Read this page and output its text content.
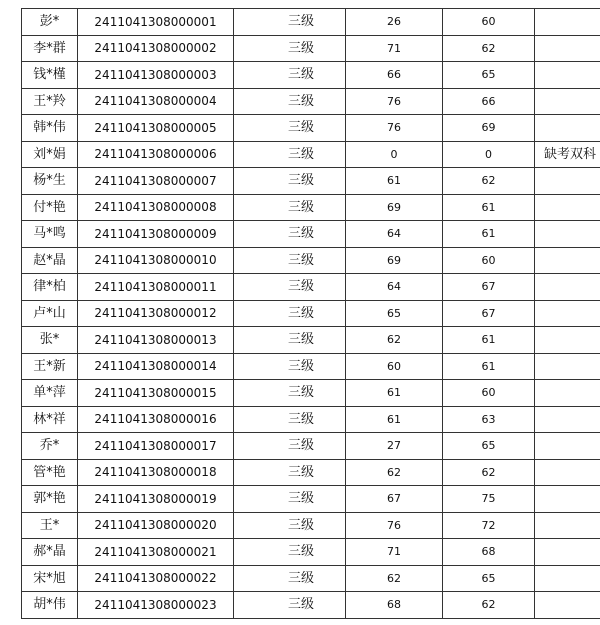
彭*	2411041308000001	三级	26	60	
李*群	2411041308000002	三级	71	62	
钱*槿	2411041308000003	三级	66	65	
王*羚	2411041308000004	三级	76	66	
韩*伟	2411041308000005	三级	76	69	
刘*娟	2411041308000006	三级	0	0	缺考双科
杨*生	2411041308000007	三级	61	62	
付*艳	2411041308000008	三级	69	61	
马*鸣	2411041308000009	三级	64	61	
赵*晶	2411041308000010	三级	69	60	
律*柏	2411041308000011	三级	64	67	
卢*山	2411041308000012	三级	65	67	
张*	2411041308000013	三级	62	61	
王*新	2411041308000014	三级	60	61	
单*萍	2411041308000015	三级	61	60	
林*祥	2411041308000016	三级	61	63	
乔*	2411041308000017	三级	27	65	
管*艳	2411041308000018	三级	62	62	
郭*艳	2411041308000019	三级	67	75	
王*	2411041308000020	三级	76	72	
郝*晶	2411041308000021	三级	71	68	
宋*旭	2411041308000022	三级	62	65	
胡*伟	2411041308000023	三级	68	62	
